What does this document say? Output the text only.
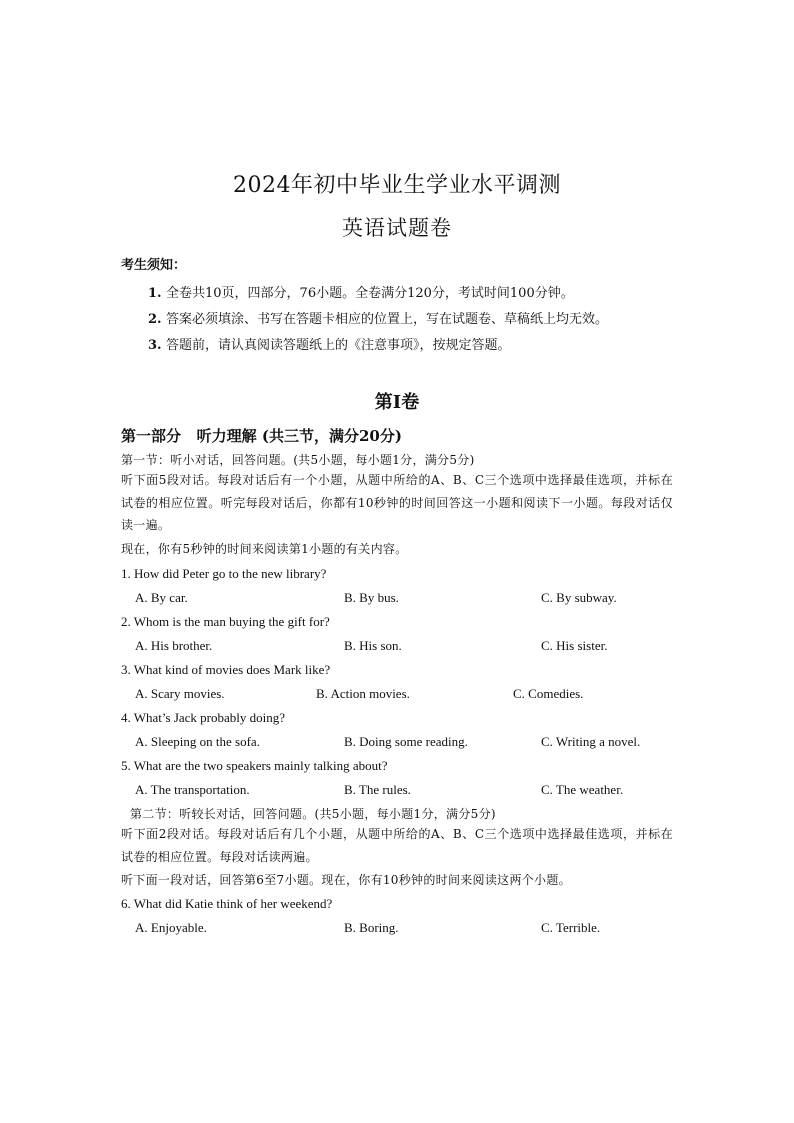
2024年初中毕业生学业水平调测
英语试题卷
考生须知：
1. 全卷共10页，四部分，76小题。全卷满分120分，考试时间100分钟。
2. 答案必须填涂、书写在答题卡相应的位置上，写在试题卷、草稿纸上均无效。
3. 答题前，请认真阅读答题纸上的《注意事项》，按规定答题。
第I卷
第一部分   听力理解 (共三节，满分20分)
第一节：听小对话，回答问题。(共5小题，每小题1分，满分5分)
听下面5段对话。每段对话后有一个小题，从题中所给的A、B、C三个选项中选择最佳选项，并标在试卷的相应位置。听完每段对话后，你都有10秒钟的时间回答这一小题和阅读下一小题。每段对话仅读一遍。
现在，你有5秒钟的时间来阅读第1小题的有关内容。
1. How did Peter go to the new library?
A. By car.	B. By bus.	C. By subway.
2. Whom is the man buying the gift for?
A. His brother.	B. His son.	C. His sister.
3. What kind of movies does Mark like?
A. Scary movies.	B. Action movies.	C. Comedies.
4. What’s Jack probably doing?
A. Sleeping on the sofa.	B. Doing some reading.	C. Writing a novel.
5. What are the two speakers mainly talking about?
A. The transportation.	B. The rules.	C. The weather.
第二节：听较长对话，回答问题。(共5小题，每小题1分，满分5分)
听下面2段对话。每段对话后有几个小题，从题中所给的A、B、C三个选项中选择最佳选项，并标在试卷的相应位置。每段对话读两遍。
听下面一段对话，回答第6至7小题。现在，你有10秒钟的时间来阅读这两个小题。
6. What did Katie think of her weekend?
A. Enjoyable.	B. Boring.	C. Terrible.
